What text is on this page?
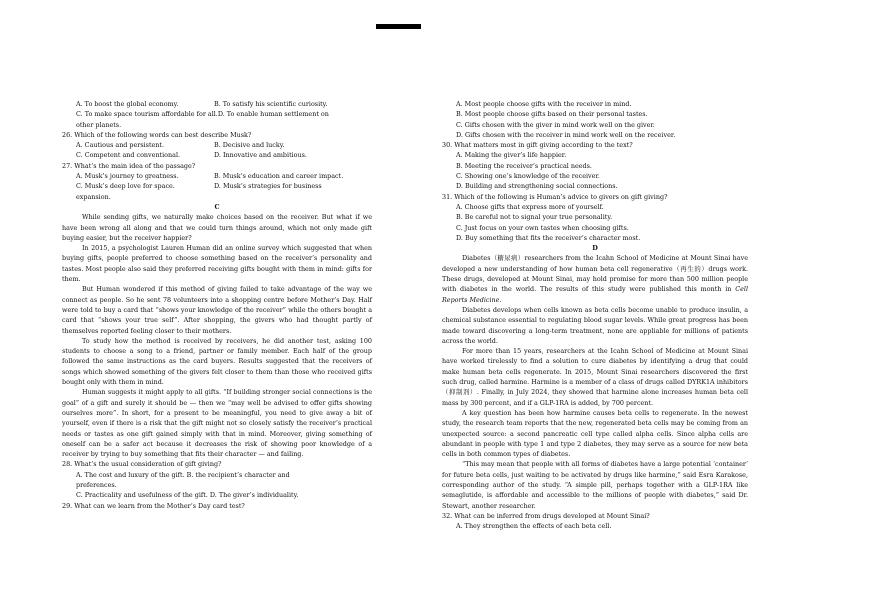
A. To boost the global economy.	B. To satisfy his scientific curiosity.

C. To make space tourism affordable for all.D. To enable human settlement on

other planets.

26. Which of the following words can best describe Musk?

A. Cautious and persistent.	B. Decisive and lucky.
C. Competent and conventional.	D. Innovative and ambitious.

27. What’s the main idea of the passage?

A. Musk’s journey to greatness.	B. Musk’s education and career impact.
C. Musk’s deep love for space.	D. Musk’s strategies for business

expansion.

C

While sending gifts, we naturally make choices based on the receiver. But what if we have been wrong all along and that we could turn things around, which not only made gift buying easier, but the receiver happier?

In 2015, a psychologist Lauren Human did an online survey which suggested that when buying gifts, people preferred to choose something based on the receiver’s personality and tastes. Most people also said they preferred receiving gifts bought with them in mind: gifts for them.

But Human wondered if this method of giving failed to take advantage of the way we connect as people. So he sent 78 volunteers into a shopping centre before Mother’s Day. Half were told to buy a card that “shows your knowledge of the receiver” while the others bought a card that “shows your true self”. After shopping, the givers who had thought partly of themselves reported feeling closer to their mothers.

To study how the method is received by receivers, he did another test, asking 100 students to choose a song to a friend, partner or family member. Each half of the group followed the same instructions as the card buyers. Results suggested that the receivers of songs which showed something of the givers felt closer to them than those who received gifts bought only with them in mind.

Human suggests it might apply to all gifts. “If building stronger social connections is the goal” of a gift and surely it should be — then we “may well be advised to offer gifts showing ourselves more”. In short, for a present to be meaningful, you need to give away a bit of yourself, even if there is a risk that the gift might not so closely satisfy the receiver’s practical needs or tastes as one gift gained simply with that in mind. Moreover, giving something of oneself can be a safer act because it decreases the risk of showing poor knowledge of a receiver by trying to buy something that fits their character — and failing.

28. What’s the usual consideration of gift giving?

A. The cost and luxury of the gift. B. the recipient’s character and

preferences.

C. Practicality and usefulness of the gift. D. The giver’s individuality.

29. What can we learn from the Mother’s Day card test?

A. Most people choose gifts with the receiver in mind.

B. Most people choose gifts based on their personal tastes.

C. Gifts chosen with the giver in mind work well on the giver.

D. Gifts chosen with the receiver in mind work well on the receiver.

30. What matters most in gift giving according to the text?

A. Making the giver’s life happier.

B. Meeting the receiver’s practical needs.

C. Showing one’s knowledge of the receiver.

D. Building and strengthening social connections.

31. Which of the following is Human’s advice to givers on gift giving?

A. Choose gifts that express more of yourself.

B. Be careful not to signal your true personality.

C. Just focus on your own tastes when choosing gifts.

D. Buy something that fits the receiver’s character most.

D

Diabetes（糖尿病）researchers from the Icahn School of Medicine at Mount Sinai have developed a new understanding of how human beta cell regenerative（再生的）drugs work. These drugs, developed at Mount Sinai, may hold promise for more than 500 million people with diabetes in the world. The results of this study were published this month in Cell Reports Medicine.

Diabetes develops when cells known as beta cells become unable to produce insulin, a chemical substance essential to regulating blood sugar levels. While great progress has been made toward discovering a long-term treatment, none are appliable for millions of patients across the world.

For more than 15 years, researchers at the Icahn School of Medicine at Mount Sinai have worked tirelessly to find a solution to cure diabetes by identifying a drug that could make human beta cells regenerate. In 2015, Mount Sinai researchers discovered the first such drug, called harmine. Harmine is a member of a class of drugs called DYRK1A inhibitors（抑制剂）. Finally, in July 2024, they showed that harmine alone increases human beta cell mass by 300 percent, and if a GLP-1RA is added, by 700 percent.

A key question has been how harmine causes beta cells to regenerate. In the newest study, the research team reports that the new, regenerated beta cells may be coming from an unexpected source: a second pancreatic cell type called alpha cells. Since alpha cells are abundant in people with type 1 and type 2 diabetes, they may serve as a source for new beta cells in both common types of diabetes.

“This may mean that people with all forms of diabetes have a large potential ‘container’ for future beta cells, just waiting to be activated by drugs like harmine,” said Esra Karakose, corresponding author of the study. “A simple pill, perhaps together with a GLP-1RA like semaglutide, is affordable and accessible to the millions of people with diabetes,” said Dr. Stewart, another researcher.

32. What can be inferred from drugs developed at Mount Sinai?

A. They strengthen the effects of each beta cell.
